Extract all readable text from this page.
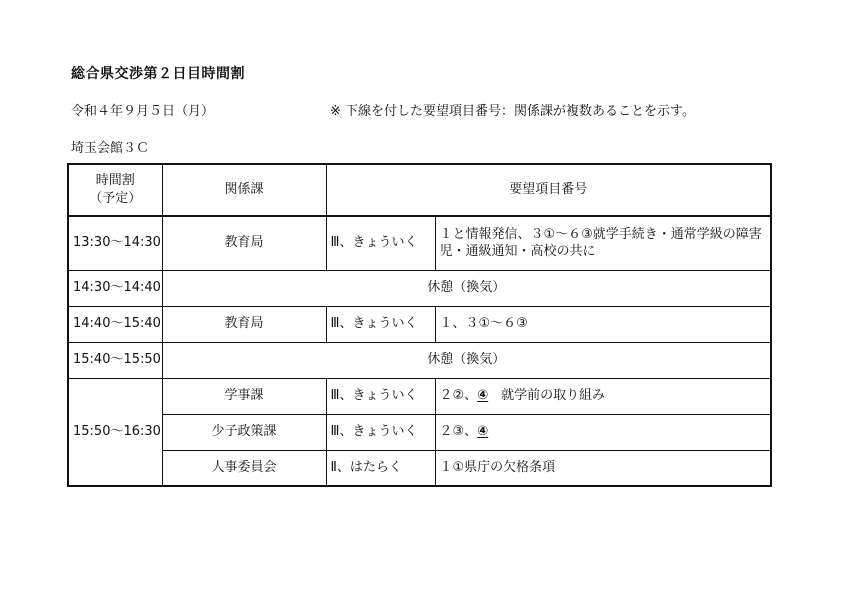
総合県交渉第２日目時間割
令和４年９月５日（月）	※ 下線を付した要望項目番号：関係課が複数あることを示す。
埼玉会館３Ｃ
時間割
（予定）	関係課	要望項目番号	
13:30～14:30	教育局	Ⅲ、きょういく	１と情報発信、３①～６③就学手続き・通常学級の障害児・通級通知・高校の共に
14:30～14:40	休憩（換気）		
14:40～15:40	教育局	Ⅲ、きょういく	１、３①～６③
15:40～15:50	休憩（換気）		
15:50～16:30	学事課	Ⅲ、きょういく	２②、④　就学前の取り組み
	少子政策課	Ⅲ、きょういく	２③、④
	人事委員会	Ⅱ、はたらく	１①県庁の欠格条項
